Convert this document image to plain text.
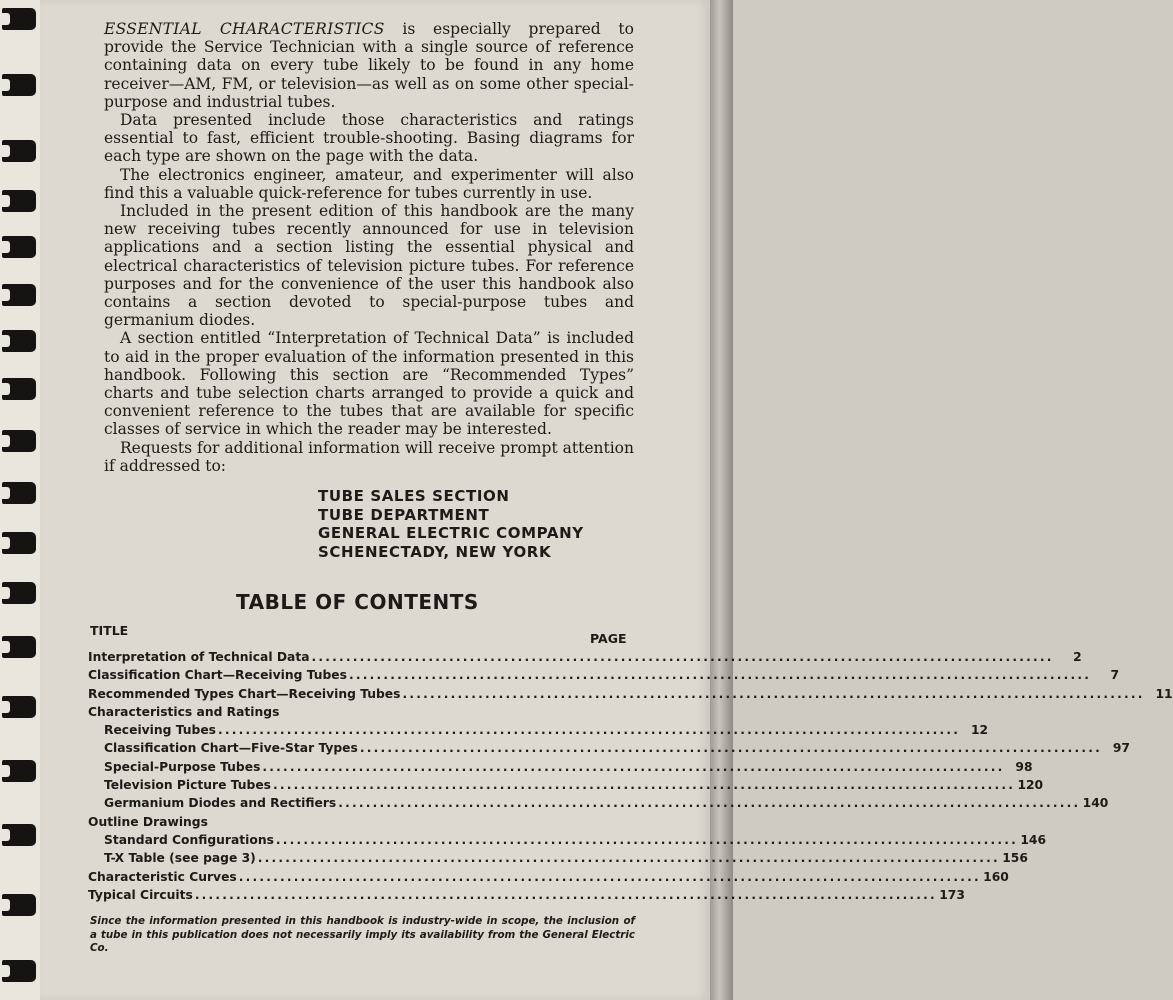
ESSENTIAL CHARACTERISTICS is especially prepared to provide the Service Technician with a single source of reference containing data on every tube likely to be found in any home receiver—AM, FM, or television—as well as on some other special-purpose and industrial tubes.

Data presented include those characteristics and ratings essential to fast, efficient trouble-shooting. Basing diagrams for each type are shown on the page with the data.

The electronics engineer, amateur, and experimenter will also find this a valuable quick-reference for tubes currently in use.

Included in the present edition of this handbook are the many new receiving tubes recently announced for use in television applications and a section listing the essential physical and electrical characteristics of television picture tubes. For reference purposes and for the convenience of the user this handbook also contains a section devoted to special-purpose tubes and germanium diodes.

A section entitled “Interpretation of Technical Data” is included to aid in the proper evaluation of the information presented in this handbook. Following this section are “Recommended Types” charts and tube selection charts arranged to provide a quick and convenient reference to the tubes that are available for specific classes of service in which the reader may be interested.

Requests for additional information will receive prompt attention if addressed to:

TUBE SALES SECTION
TUBE DEPARTMENT
GENERAL ELECTRIC COMPANY
SCHENECTADY, NEW YORK
TABLE OF CONTENTS
TITLE
PAGE
Interpretation of Technical Data ............................................................................................................	2
Classification Chart—Receiving Tubes ............................................................................................................	7
Recommended Types Chart—Receiving Tubes ............................................................................................................ 11
Characteristics and Ratings
Receiving Tubes ............................................................................................................ 12
Classification Chart—Five-Star Types ............................................................................................................ 97
Special-Purpose Tubes ............................................................................................................ 98
Television Picture Tubes ............................................................................................................ 120
Germanium Diodes and Rectifiers ............................................................................................................ 140
Outline Drawings
Standard Configurations ............................................................................................................ 146
T-X Table (see page 3) ............................................................................................................ 156
Characteristic Curves ............................................................................................................ 160
Typical Circuits ............................................................................................................ 173
Since the information presented in this handbook is industry-wide in scope, the inclusion of a tube in this publication does not necessarily imply its availability from the General Electric Co.
